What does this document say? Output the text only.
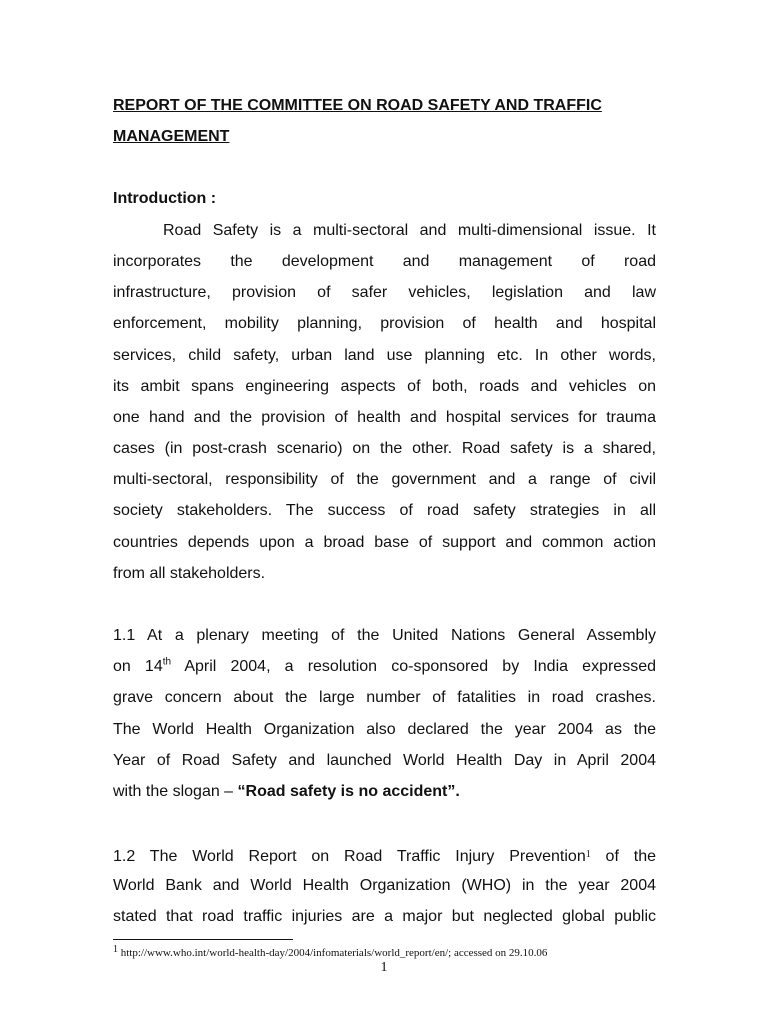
REPORT OF THE COMMITTEE ON ROAD SAFETY AND TRAFFIC
MANAGEMENT
Introduction :
Road Safety is a multi-sectoral and multi-dimensional issue. It
incorporates the development and management of road
infrastructure, provision of safer vehicles, legislation and law
enforcement, mobility planning, provision of health and hospital
services, child safety, urban land use planning etc. In other words,
its ambit spans engineering aspects of both, roads and vehicles on
one hand and the provision of health and hospital services for trauma
cases (in post-crash scenario) on the other. Road safety is a shared,
multi-sectoral, responsibility of the government and a range of civil
society stakeholders. The success of road safety strategies in all
countries depends upon a broad base of support and common action
from all stakeholders.
1.1 At a plenary meeting of the United Nations General Assembly
on 14th April 2004, a resolution co-sponsored by India expressed
grave concern about the large number of fatalities in road crashes.
The World Health Organization also declared the year 2004 as the
Year of Road Safety and launched World Health Day in April 2004
with the slogan – “Road safety is no accident”.
1.2 The World Report on Road Traffic Injury Prevention$^1$ of the
World Bank and World Health Organization (WHO) in the year 2004
stated that road traffic injuries are a major but neglected global public
1 http://www.who.int/world-health-day/2004/infomaterials/world_report/en/; accessed on 29.10.06
1
